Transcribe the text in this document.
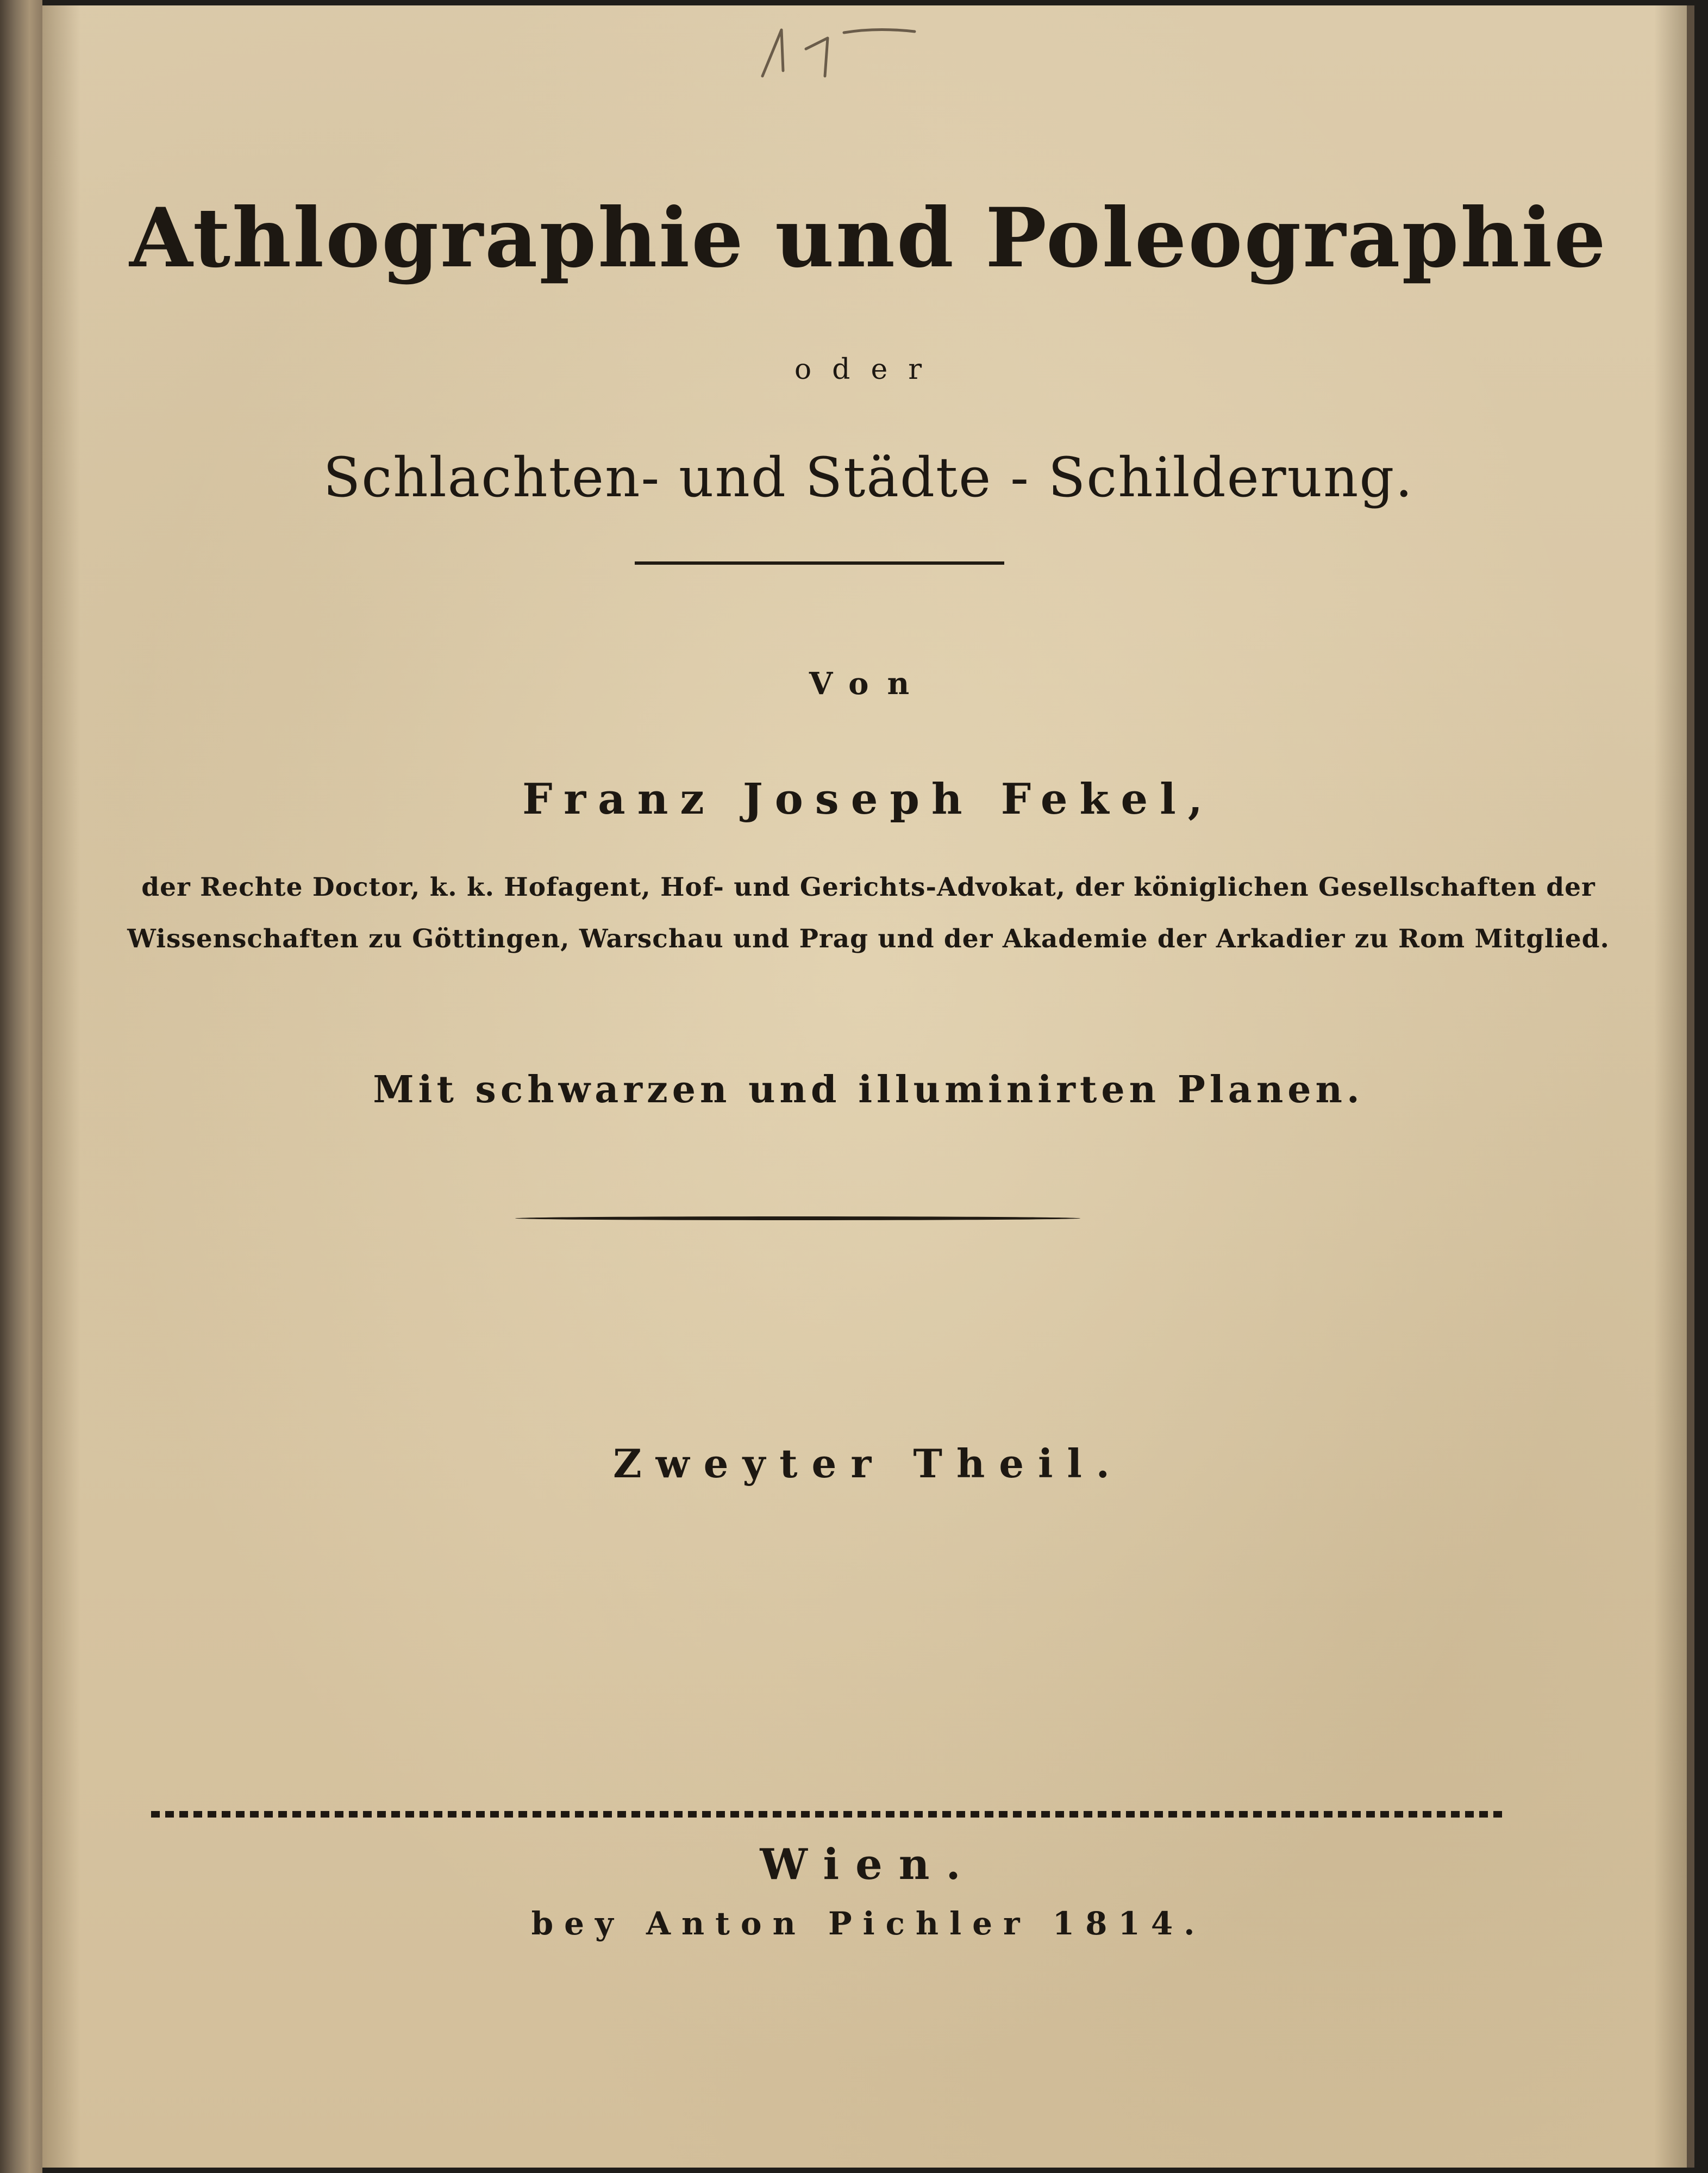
Athlographie und Poleographie
oder
Schlachten- und Städte - Schilderung.
Von
Franz Joseph Fekel,
der Rechte Doctor, k. k. Hofagent, Hof- und Gerichts-Advokat, der königlichen Gesellschaften der
Wissenschaften zu Göttingen, Warschau und Prag und der Akademie der Arkadier zu Rom Mitglied.
Mit schwarzen und illuminirten Planen.
Zweyter Theil.
Wien.
bey Anton Pichler 1814.
